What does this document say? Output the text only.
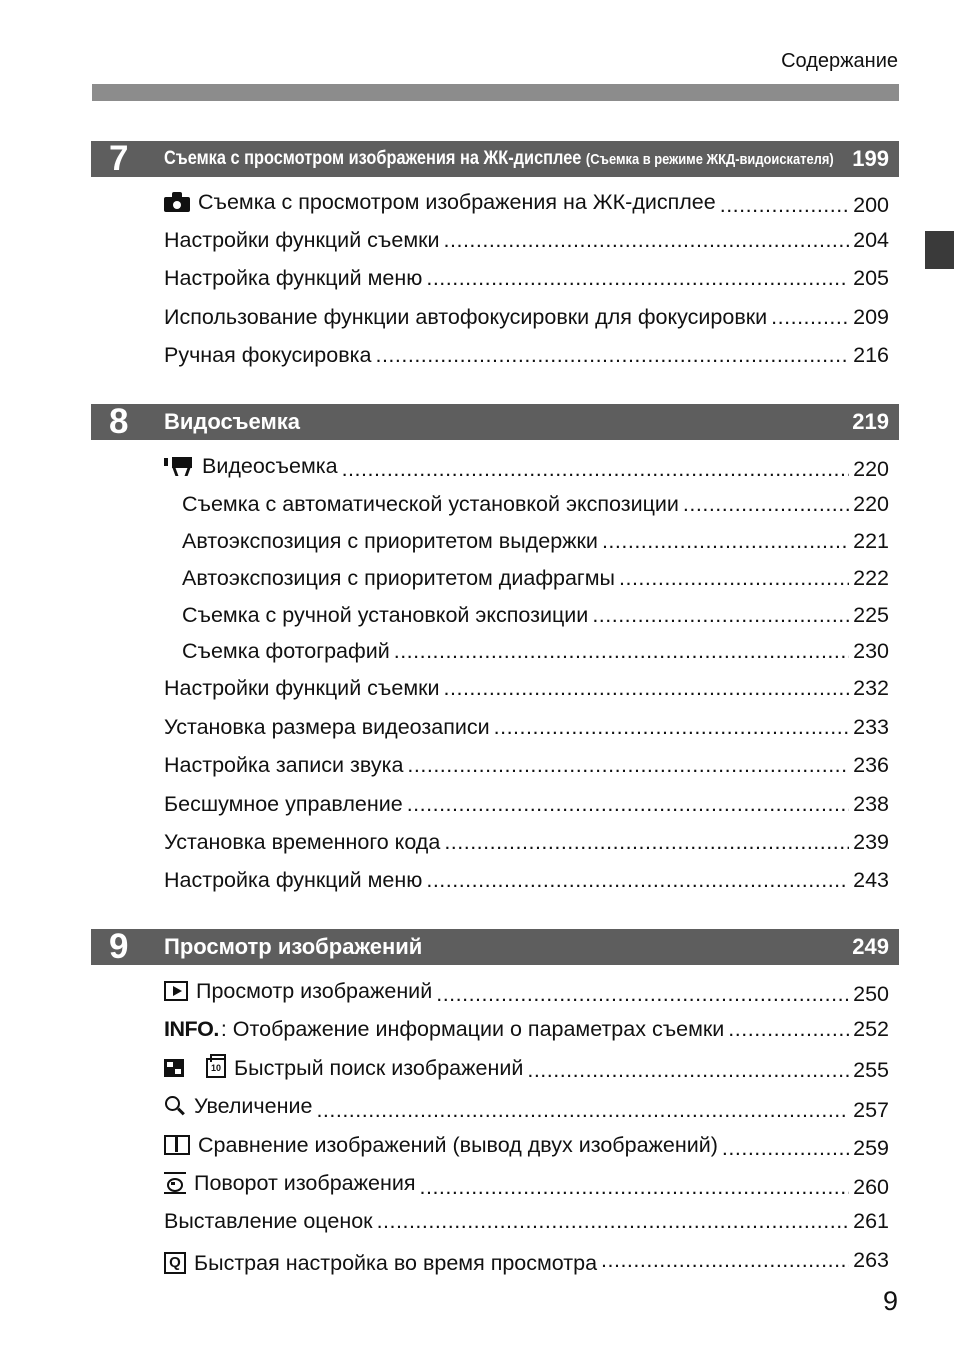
Содержание
7 Съемка с просмотром изображения на ЖК-дисплее (Съемка в режиме ЖКД-видоискателя) 199
Съемка с просмотром изображения на ЖК-дисплее .....	200
Настройки функций съемки .....	204
Настройка функций меню .....	205
Использование функции автофокусировки для фокусировки .....	209
Ручная фокусировка .....	216
8 Видосъемка	219
Видеосъемка .....	220
Съемка с автоматической установкой экспозиции .....	220
Автоэкспозиция с приоритетом выдержки .....	221
Автоэкспозиция с приоритетом диафрагмы .....	222
Съемка с ручной установкой экспозиции .....	225
Съемка фотографий .....	230
Настройки функций съемки .....	232
Установка размера видеозаписи .....	233
Настройка записи звука .....	236
Бесшумное управление .....	238
Установка временного кода .....	239
Настройка функций меню .....	243
9 Просмотр изображений	249
Просмотр изображений .....	250
INFO. : Отображение информации о параметрах съемки .....	252
10 Быстрый поиск изображений .....	255
Увеличение .....	257
Сравнение изображений (вывод двух изображений) .....	259
Поворот изображения .....	260
Выставление оценок .....	261
Q Быстрая настройка во время просмотра .....	263
9
